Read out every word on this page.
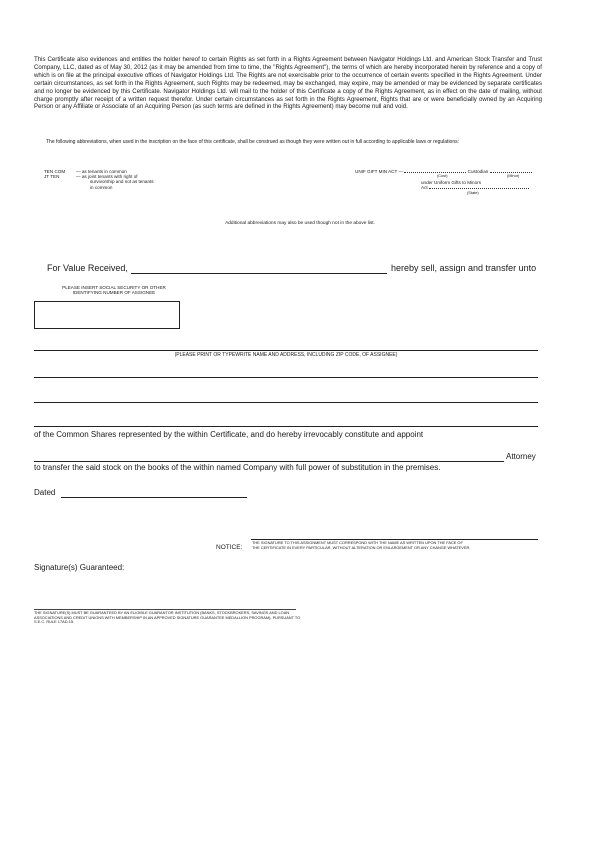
This Certificate also evidences and entitles the holder hereof to certain Rights as set forth in a Rights Agreement between Navigator Holdings Ltd. and American Stock Transfer and Trust Company, LLC, dated as of May 30, 2012 (as it may be amended from time to time, the "Rights Agreement"), the terms of which are hereby incorporated herein by reference and a copy of which is on file at the principal executive offices of Navigator Holdings Ltd. The Rights are not exercisable prior to the occurrence of certain events specified in the Rights Agreement. Under certain circumstances, as set forth in the Rights Agreement, such Rights may be redeemed, may be exchanged, may expire, may be amended or may be evidenced by separate certificates and no longer be evidenced by this Certificate. Navigator Holdings Ltd. will mail to the holder of this Certificate a copy of the Rights Agreement, as in effect on the date of mailing, without charge promptly after receipt of a written request therefor. Under certain circumstances as set forth in the Rights Agreement, Rights that are or were beneficially owned by an Acquiring Person or any Affiliate or Associate of an Acquiring Person (as such terms are defined in the Rights Agreement) may become null and void.
The following abbreviations, when used in the inscription on the face of this certificate, shall be construed as though they were written out in full according to applicable laws or regulations:
TEN COM	— as tenants in common
JT TEN	— as joint tenants with right of
survivorship and not as tenants
in common
UNIF GIFT MIN ACT —	Custodian
(Cust)	(Minor)
under Uniform Gifts to Minors
Act
(State)
Additional abbreviations may also be used though not in the above list.
For Value Received,	hereby sell, assign and transfer unto
PLEASE INSERT SOCIAL SECURITY OR OTHER
IDENTIFYING NUMBER OF ASSIGNEE
(PLEASE PRINT OR TYPEWRITE NAME AND ADDRESS, INCLUDING ZIP CODE, OF ASSIGNEE)
of the Common Shares represented by the within Certificate, and do hereby irrevocably constitute and appoint
Attorney
to transfer the said stock on the books of the within named Company with full power of substitution in the premises.
Dated
NOTICE:
THE SIGNATURE TO THIS ASSIGNMENT MUST CORRESPOND WITH THE NAME AS WRITTEN UPON THE FACE OF
THE CERTIFICATE IN EVERY PARTICULAR, WITHOUT ALTERATION OR ENLARGEMENT OR ANY CHANGE WHATEVER.
Signature(s) Guaranteed:
THE SIGNATURE(S) MUST BE GUARANTEED BY AN ELIGIBLE GUARANTOR INSTITUTION (BANKS, STOCKBROKERS, SAVINGS AND LOAN ASSOCIATIONS AND CREDIT UNIONS WITH MEMBERSHIP IN AN APPROVED SIGNATURE GUARANTEE MEDALLION PROGRAM), PURSUANT TO S.E.C. RULE 17AD-15.
